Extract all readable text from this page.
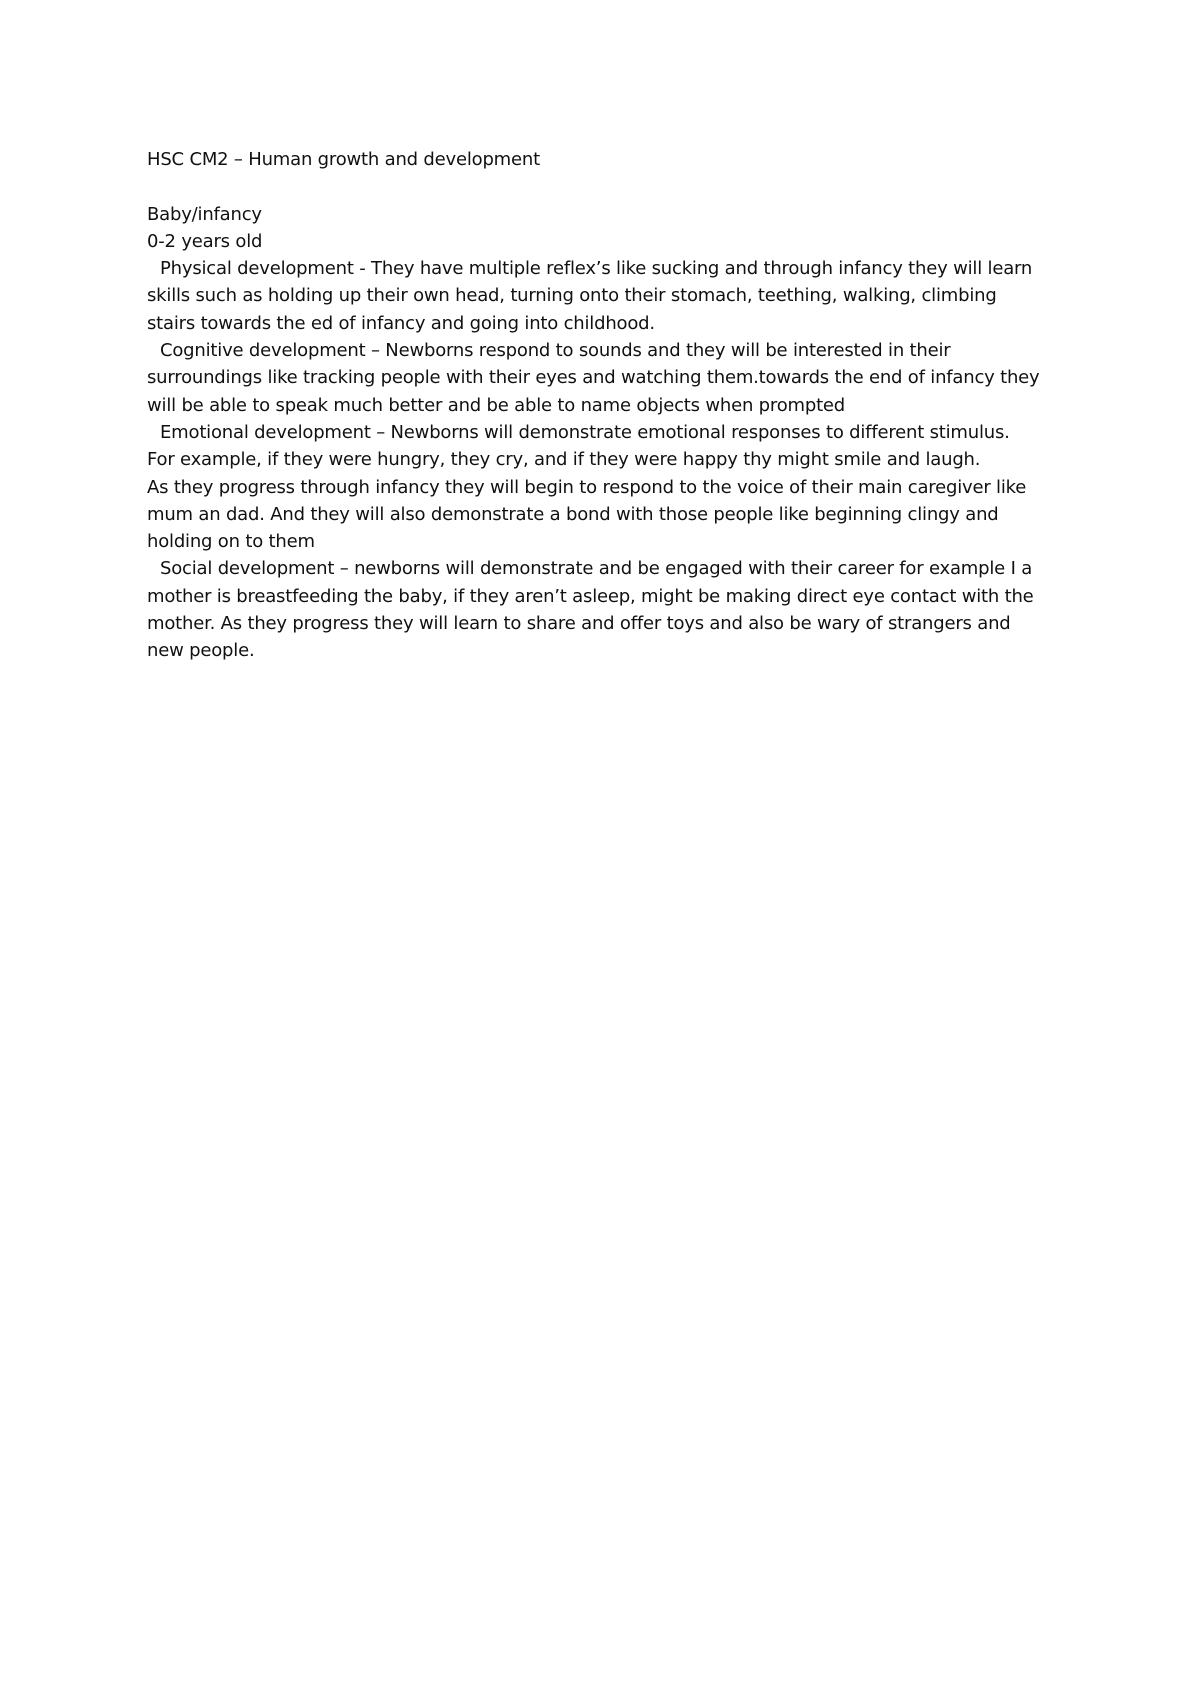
HSC CM2 – Human growth and development
Baby/infancy
0-2 years old
Physical development - They have multiple reflex’s like sucking and through infancy they will learn
skills such as holding up their own head, turning onto their stomach, teething, walking, climbing
stairs towards the ed of infancy and going into childhood.
Cognitive development – Newborns respond to sounds and they will be interested in their
surroundings like tracking people with their eyes and watching them.towards the end of infancy they
will be able to speak much better and be able to name objects when prompted
Emotional development – Newborns will demonstrate emotional responses to different stimulus.
For example, if they were hungry, they cry, and if they were happy thy might smile and laugh.
As they progress through infancy they will begin to respond to the voice of their main caregiver like
mum an dad. And they will also demonstrate a bond with those people like beginning clingy and
holding on to them
Social development – newborns will demonstrate and be engaged with their career for example I a
mother is breastfeeding the baby, if they aren’t asleep, might be making direct eye contact with the
mother. As they progress they will learn to share and offer toys and also be wary of strangers and
new people.
